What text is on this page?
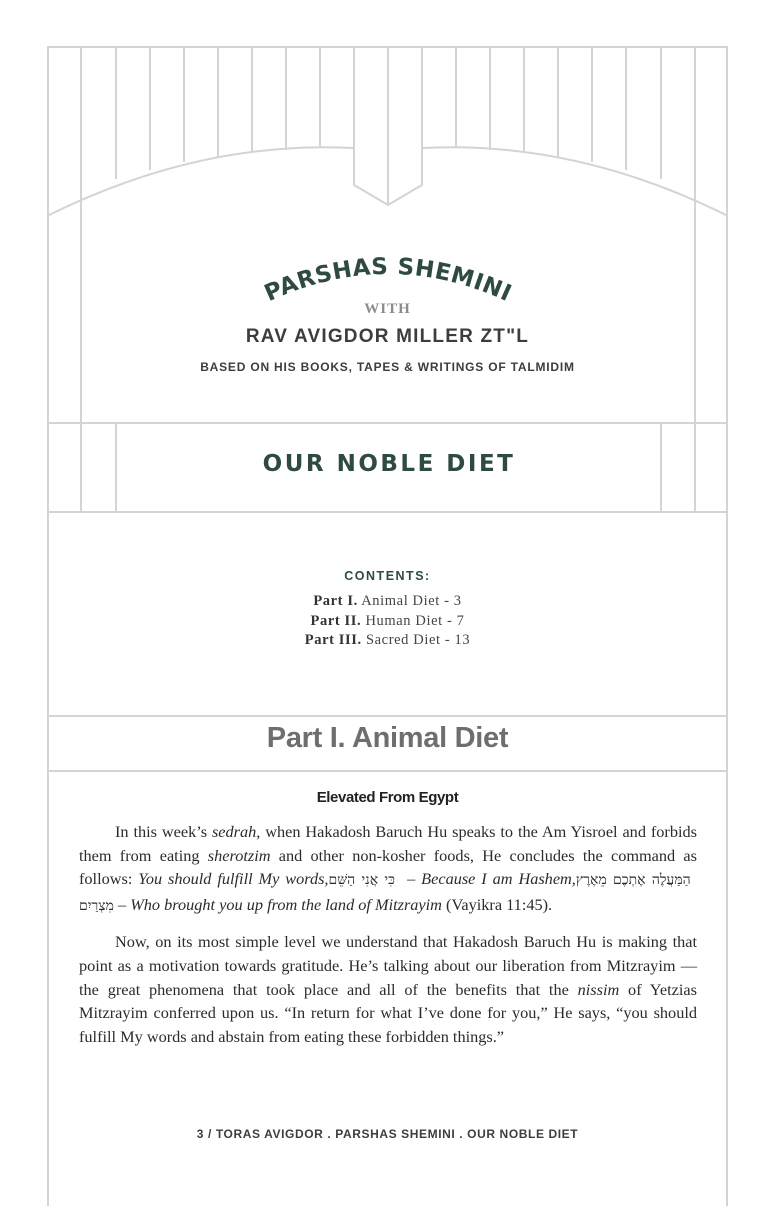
PARSHAS SHEMINI
WITH
RAV AVIGDOR MILLER ZT"L
BASED ON HIS BOOKS, TAPES & WRITINGS OF TALMIDIM
OUR NOBLE DIET
CONTENTS:
Part I. Animal Diet - 3
Part II. Human Diet - 7
Part III. Sacred Diet - 13
Part I. Animal Diet
Elevated From Egypt

In this week’s sedrah, when Hakadosh Baruch Hu speaks to the Am Yisroel and forbids them from eating sherotzim and other non-kosher foods, He concludes the command as follows: You should fulfill My words, כִּי אֲנִי הַשֵּׁם – Because I am Hashem, הַמַּעֲלֶה אֶתְכֶם מֵאֶרֶץ מִצְרַיִם – Who brought you up from the land of Mitzrayim (Vayikra 11:45).

Now, on its most simple level we understand that Hakadosh Baruch Hu is making that point as a motivation towards gratitude. He’s talking about our liberation from Mitzrayim — the great phenomena that took place and all of the benefits that the nissim of Yetzias Mitzrayim conferred upon us. “In return for what I’ve done for you,” He says, “you should fulfill My words and abstain from eating these forbidden things.”

3 / TORAS AVIGDOR . PARSHAS SHEMINI . OUR NOBLE DIET
